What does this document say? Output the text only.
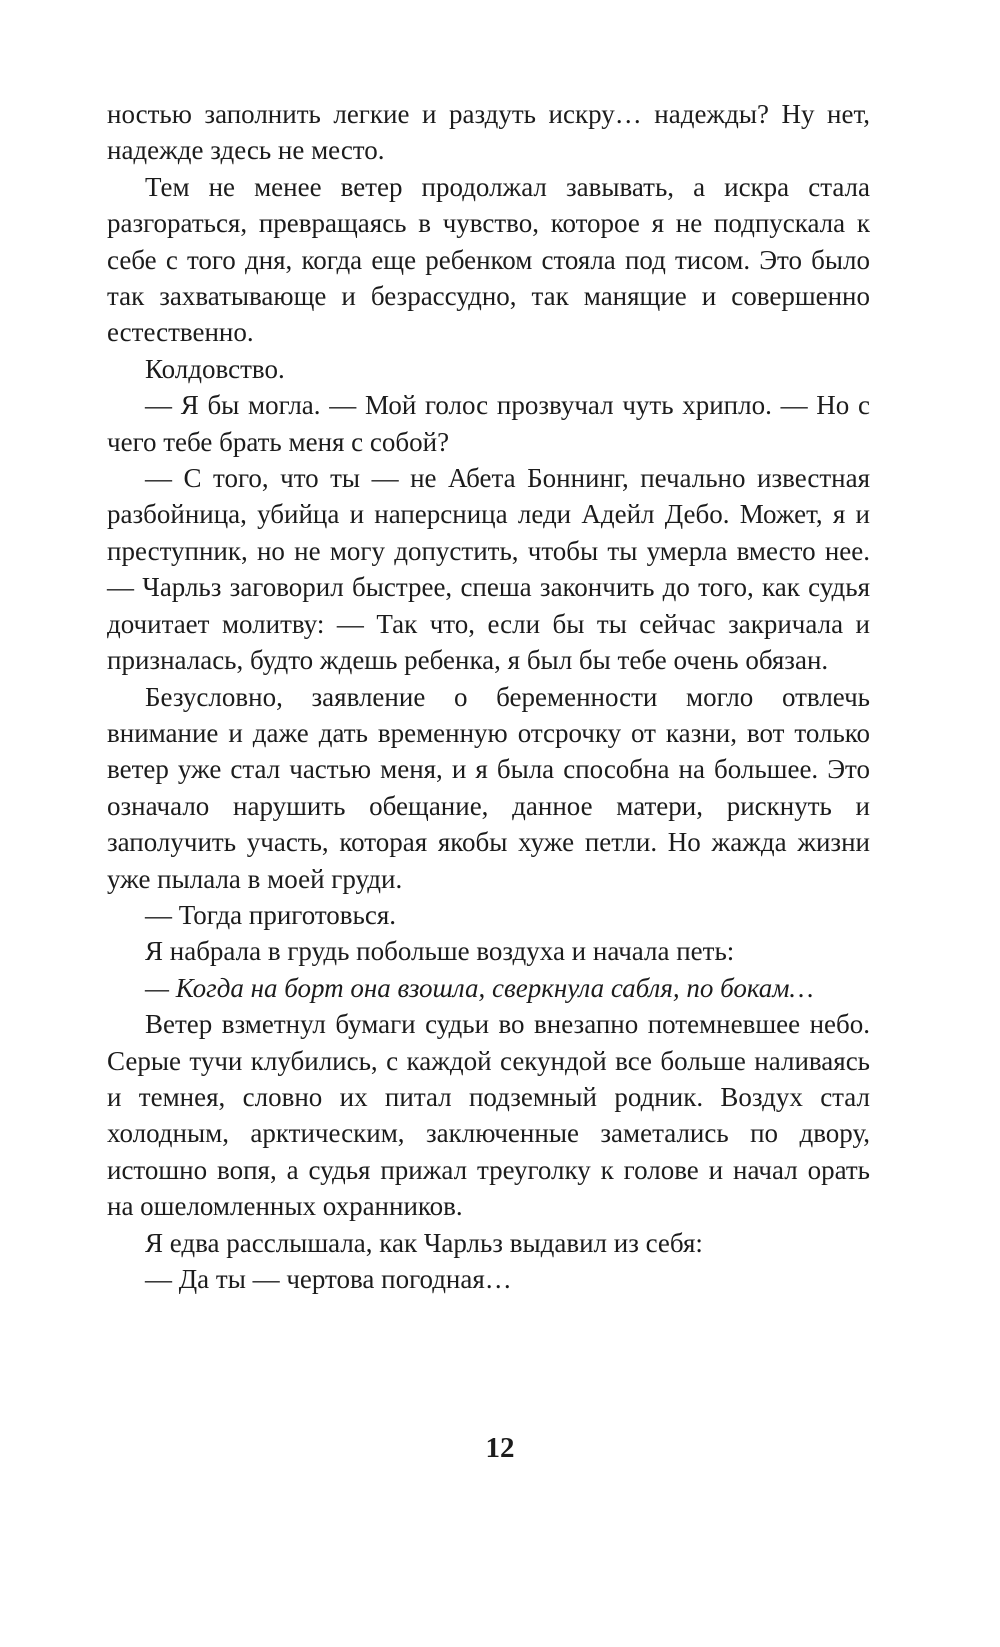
ностью заполнить легкие и раздуть искру… надежды? Ну нет, надежде здесь не место.

Тем не менее ветер продолжал завывать, а искра стала разгораться, превращаясь в чувство, которое я не подпускала к себе с того дня, когда еще ребенком стояла под тисом. Это было так захватывающе и безрассудно, так манящие и совершенно естественно.

Колдовство.

— Я бы могла. — Мой голос прозвучал чуть хрипло. — Но с чего тебе брать меня с собой?

— С того, что ты — не Абета Боннинг, печально известная разбойница, убийца и наперсница леди Адейл Дебо. Может, я и преступник, но не могу допустить, чтобы ты умерла вместо нее. — Чарльз заговорил быстрее, спеша закончить до того, как судья дочитает молитву: — Так что, если бы ты сейчас закричала и призналась, будто ждешь ребенка, я был бы тебе очень обязан.

Безусловно, заявление о беременности могло отвлечь внимание и даже дать временную отсрочку от казни, вот только ветер уже стал частью меня, и я была способна на большее. Это означало нарушить обещание, данное матери, рискнуть и заполучить участь, которая якобы хуже петли. Но жажда жизни уже пылала в моей груди.

— Тогда приготовься.

Я набрала в грудь побольше воздуха и начала петь:

— Когда на борт она взошла, сверкнула сабля, по бокам…

Ветер взметнул бумаги судьи во внезапно потемневшее небо. Серые тучи клубились, с каждой секундой все больше наливаясь и темнея, словно их питал подземный родник. Воздух стал холодным, арктическим, заключенные заметались по двору, истошно вопя, а судья прижал треуголку к голове и начал орать на ошеломленных охранников.

Я едва расслышала, как Чарльз выдавил из себя:

— Да ты — чертова погодная…

12
